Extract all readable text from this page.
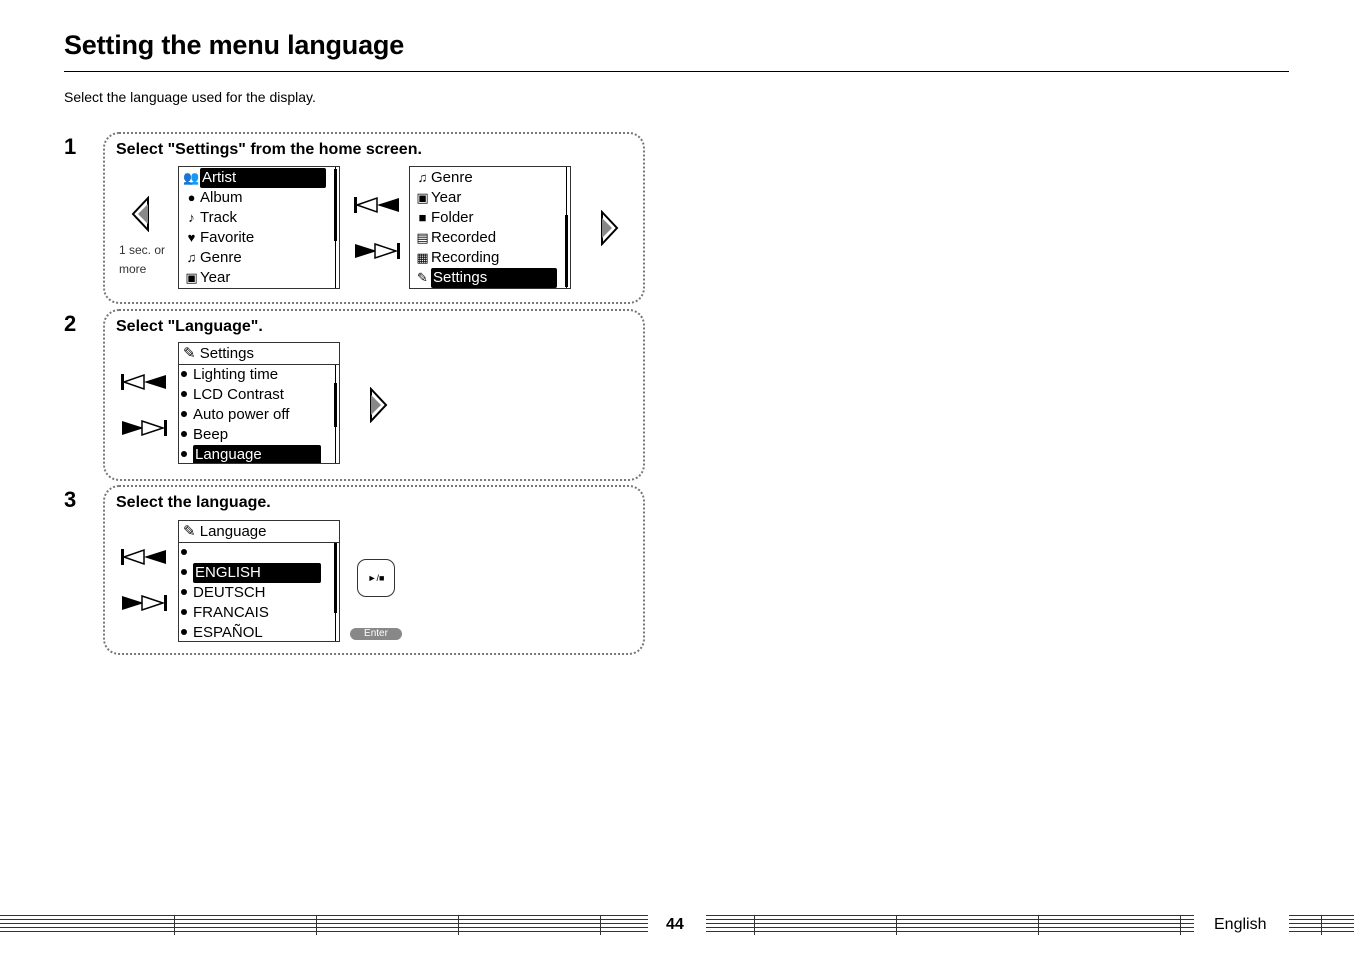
Setting the menu language
Select the language used for the display.
1 Select "Settings" from the home screen.
1 sec. or
more
👥 Artist
● Album
♪ Track
♥ Favorite
♫ Genre
▣ Year
♫ Genre
▣ Year
■ Folder
▤ Recorded
▦ Recording
✎ Settings
2 Select "Language".
✎ Settings
Lighting time
LCD Contrast
Auto power off
Beep
Language
3 Select the language.
✎ Language
ENGLISH
DEUTSCH
FRANCAIS
ESPAÑOL
►/■
Enter
44	English
